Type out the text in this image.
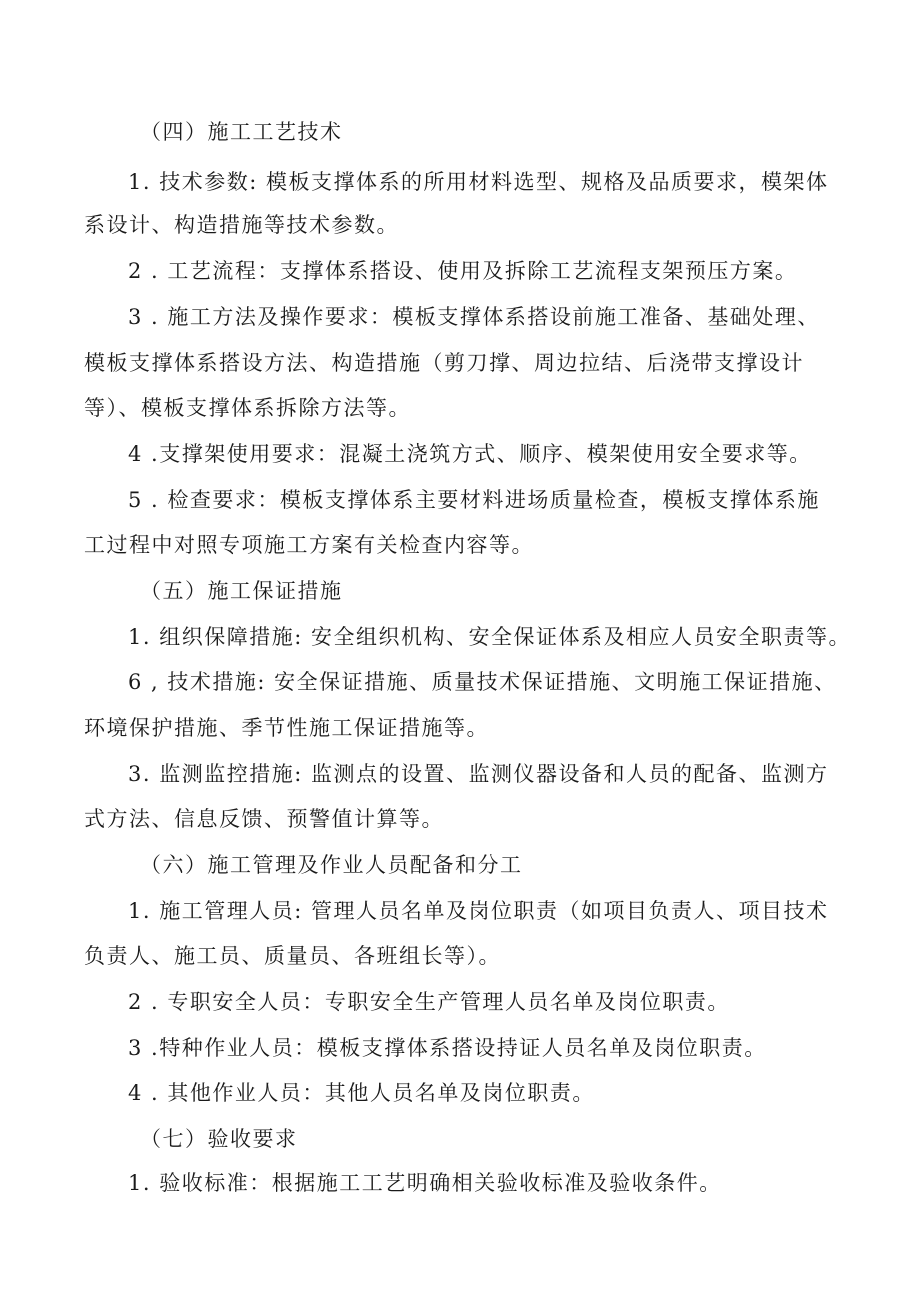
（四）施工工艺技术
1. 技术参数: 模板支撑体系的所用材料选型、规格及品质要求，模架体
系设计、构造措施等技术参数。
2 . 工艺流程：支撑体系搭设、使用及拆除工艺流程支架预压方案。
3 . 施工方法及操作要求：模板支撑体系搭设前施工准备、基础处理、
模板支撑体系搭设方法、构造措施（剪刀撑、周边拉结、后浇带支撑设计
等）、模板支撑体系拆除方法等。
4 .支撑架使用要求：混凝土浇筑方式、顺序、模架使用安全要求等。
5 . 检查要求：模板支撑体系主要材料进场质量检查，模板支撑体系施
工过程中对照专项施工方案有关检查内容等。
（五）施工保证措施
1. 组织保障措施: 安全组织机构、安全保证体系及相应人员安全职责等。
6 , 技术措施: 安全保证措施、质量技术保证措施、文明施工保证措施、
环境保护措施、季节性施工保证措施等。
3. 监测监控措施: 监测点的设置、监测仪器设备和人员的配备、监测方
式方法、信息反馈、预警值计算等。
（六）施工管理及作业人员配备和分工
1. 施工管理人员: 管理人员名单及岗位职责（如项目负责人、项目技术
负责人、施工员、质量员、各班组长等）。
2 . 专职安全人员：专职安全生产管理人员名单及岗位职责。
3 .特种作业人员：模板支撑体系搭设持证人员名单及岗位职责。
4 . 其他作业人员：其他人员名单及岗位职责。
（七）验收要求
1. 验收标准：根据施工工艺明确相关验收标准及验收条件。
